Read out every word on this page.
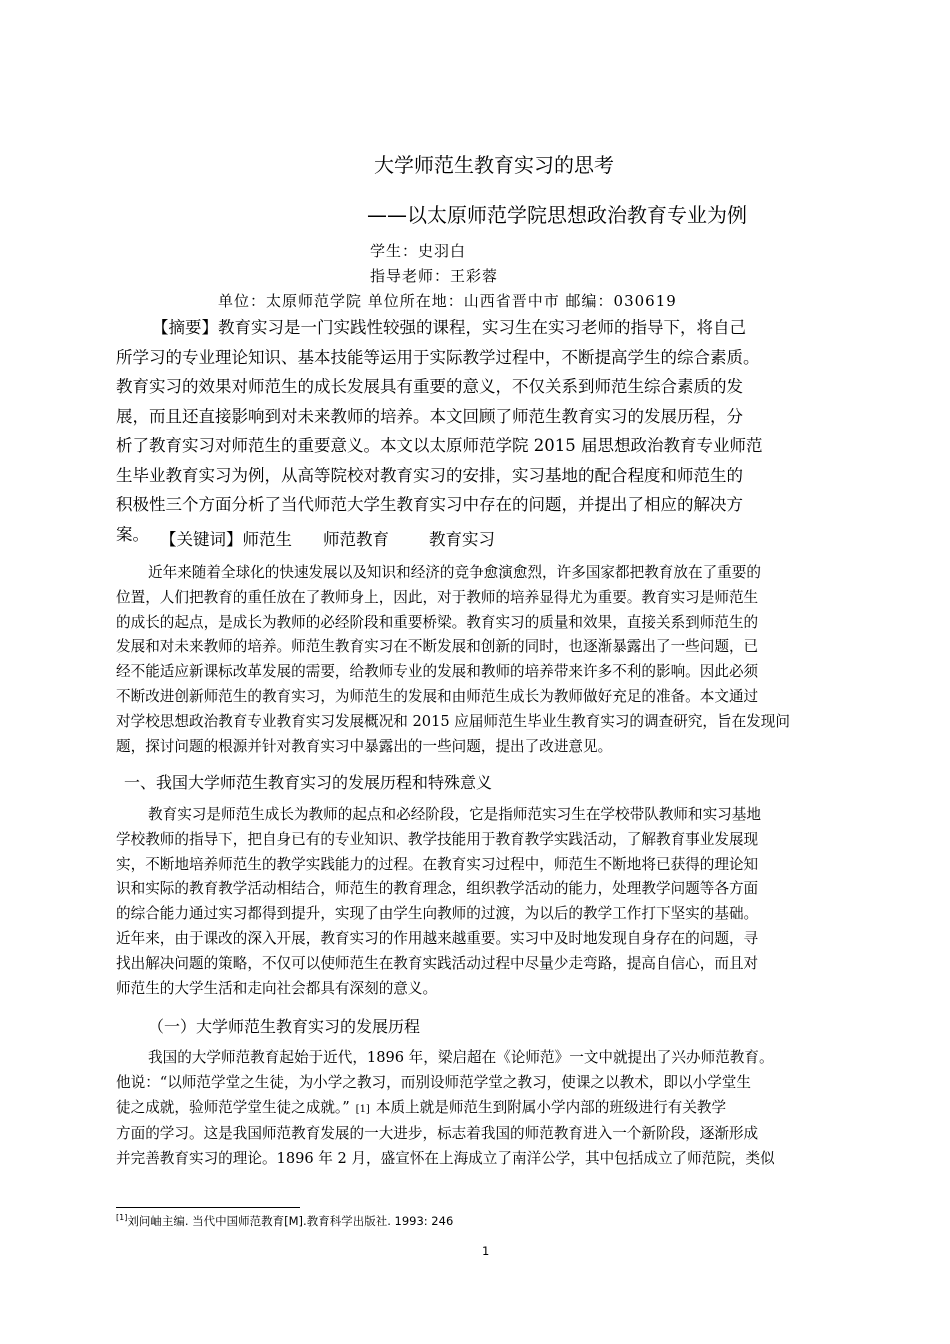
大学师范生教育实习的思考
——以太原师范学院思想政治教育专业为例
学生：史羽白
指导老师：王彩蓉
单位：太原师范学院 单位所在地：山西省晋中市 邮编：030619
【摘要】教育实习是一门实践性较强的课程，实习生在实习老师的指导下，将自己
所学习的专业理论知识、基本技能等运用于实际教学过程中，不断提高学生的综合素质。
教育实习的效果对师范生的成长发展具有重要的意义，不仅关系到师范生综合素质的发
展，而且还直接影响到对未来教师的培养。本文回顾了师范生教育实习的发展历程，分
析了教育实习对师范生的重要意义。本文以太原师范学院 2015 届思想政治教育专业师范
生毕业教育实习为例，从高等院校对教育实习的安排，实习基地的配合程度和师范生的
积极性三个方面分析了当代师范大学生教育实习中存在的问题，并提出了相应的解决方
案。 【关键词】师范生 师范教育 教育实习
近年来随着全球化的快速发展以及知识和经济的竞争愈演愈烈，许多国家都把教育放在了重要的
位置，人们把教育的重任放在了教师身上，因此，对于教师的培养显得尤为重要。教育实习是师范生
的成长的起点，是成长为教师的必经阶段和重要桥梁。教育实习的质量和效果，直接关系到师范生的
发展和对未来教师的培养。师范生教育实习在不断发展和创新的同时，也逐渐暴露出了一些问题，已
经不能适应新课标改革发展的需要，给教师专业的发展和教师的培养带来许多不利的影响。因此必须
不断改进创新师范生的教育实习，为师范生的发展和由师范生成长为教师做好充足的准备。本文通过
对学校思想政治教育专业教育实习发展概况和 2015 应届师范生毕业生教育实习的调查研究，旨在发现问
题，探讨问题的根源并针对教育实习中暴露出的一些问题，提出了改进意见。
一、我国大学师范生教育实习的发展历程和特殊意义
教育实习是师范生成长为教师的起点和必经阶段，它是指师范实习生在学校带队教师和实习基地
学校教师的指导下，把自身已有的专业知识、教学技能用于教育教学实践活动，了解教育事业发展现
实，不断地培养师范生的教学实践能力的过程。在教育实习过程中，师范生不断地将已获得的理论知
识和实际的教育教学活动相结合，师范生的教育理念，组织教学活动的能力，处理教学问题等各方面
的综合能力通过实习都得到提升，实现了由学生向教师的过渡，为以后的教学工作打下坚实的基础。
近年来，由于课改的深入开展，教育实习的作用越来越重要。实习中及时地发现自身存在的问题，寻
找出解决问题的策略，不仅可以使师范生在教育实践活动过程中尽量少走弯路，提高自信心，而且对
师范生的大学生活和走向社会都具有深刻的意义。
（一）大学师范生教育实习的发展历程
我国的大学师范教育起始于近代，1896 年，梁启超在《论师范》一文中就提出了兴办师范教育。
他说：“以师范学堂之生徒，为小学之教习，而别设师范学堂之教习，使课之以教术，即以小学堂生
徒之成就，验师范学堂生徒之成就。” [1] 本质上就是师范生到附属小学内部的班级进行有关教学
方面的学习。这是我国师范教育发展的一大进步，标志着我国的师范教育进入一个新阶段，逐渐形成
并完善教育实习的理论。1896 年 2 月，盛宣怀在上海成立了南洋公学，其中包括成立了师范院，类似
[1]刘问岫主编. 当代中国师范教育[M].教育科学出版社. 1993: 246
1
